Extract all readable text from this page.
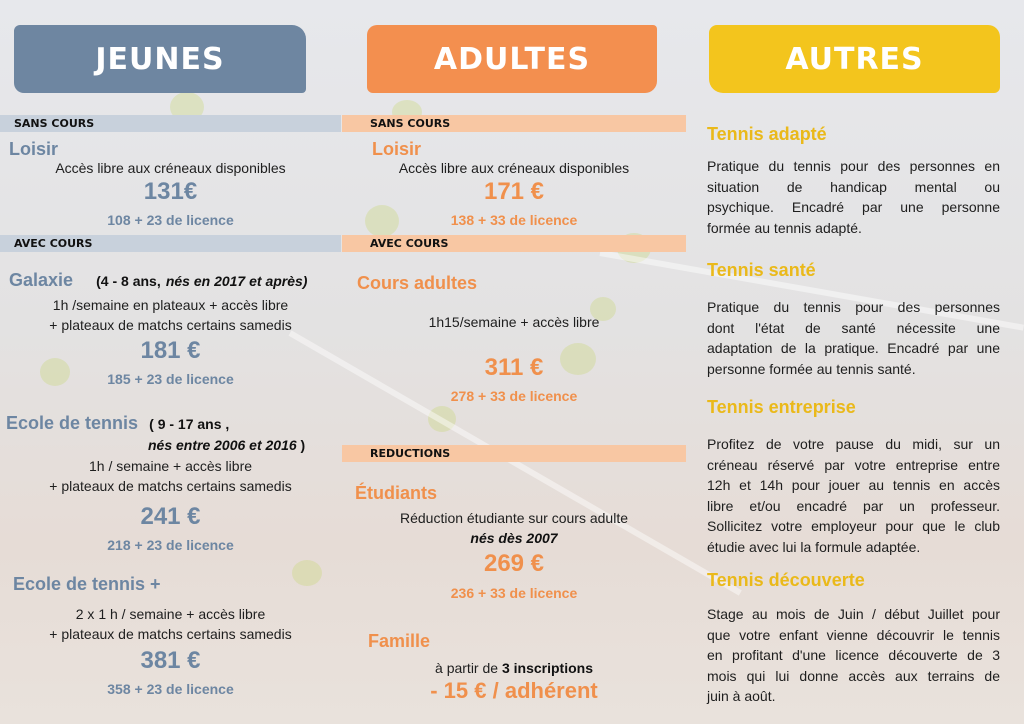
JEUNES	ADULTES	AUTRES
SANS COURS
Loisir
Accès libre aux créneaux disponibles
131€
108 + 23 de licence
AVEC COURS
Galaxie (4 - 8 ans, nés en 2017 et après)
1h /semaine en plateaux + accès libre
+ plateaux de matchs certains samedis
181 €
185 + 23 de licence
Ecole de tennis ( 9 - 17 ans ,
nés entre 2006 et 2016 )
1h / semaine + accès libre
+ plateaux de matchs certains samedis
241 €
218 + 23 de licence
Ecole de tennis +
2 x 1 h / semaine + accès libre
+ plateaux de matchs certains samedis
381 €
358 + 23 de licence
SANS COURS
Loisir
Accès libre aux créneaux disponibles
171 €
138 + 33 de licence
AVEC COURS
Cours adultes
1h15/semaine + accès libre
311 €
278 + 33 de licence
REDUCTIONS
Étudiants
Réduction étudiante sur cours adulte
nés dès 2007
269 €
236 + 33 de licence
Famille
à partir de 3 inscriptions
- 15 € / adhérent
Tennis adapté
Pratique du tennis pour des personnes en
situation de handicap mental ou
psychique. Encadré par une personne
formée au tennis adapté.
Tennis santé
Pratique du tennis pour des personnes
dont l'état de santé nécessite une
adaptation de la pratique. Encadré par une
personne formée au tennis santé.
Tennis entreprise
Profitez de votre pause du midi, sur un
créneau réservé par votre entreprise entre
12h et 14h pour jouer au tennis en accès
libre et/ou encadré par un professeur.
Sollicitez votre employeur pour que le club
étudie avec lui la formule adaptée.
Tennis découverte
Stage au mois de Juin / début Juillet pour
que votre enfant vienne découvrir le tennis
en profitant d'une licence découverte de 3
mois qui lui donne accès aux terrains de
juin à août.
